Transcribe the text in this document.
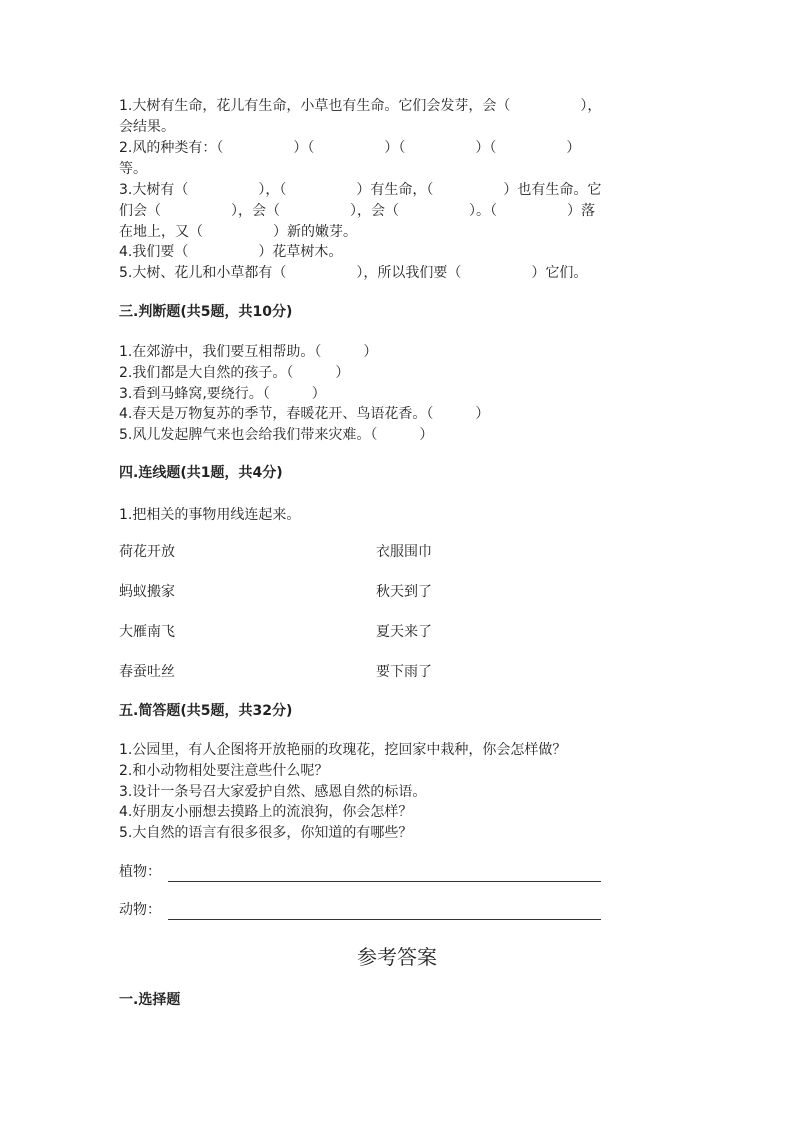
1.大树有生命，花儿有生命，小草也有生命。它们会发芽，会（　　　　　），
会结果。
2.风的种类有：（　　　　　）（　　　　　）（　　　　　）（　　　　　）
等。
3.大树有（　　　　　），（　　　　　）有生命，（　　　　　）也有生命。它
们会（　　　　　），会（　　　　　），会（　　　　　）。（　　　　　）落
在地上，又（　　　　　）新的嫩芽。
4.我们要（　　　　　）花草树木。
5.大树、花儿和小草都有（　　　　　），所以我们要（　　　　　）它们。
三.判断题(共5题，共10分)
1.在郊游中，我们要互相帮助。（　　　）
2.我们都是大自然的孩子。（　　　）
3.看到马蜂窝,要绕行。（　　　）
4.春天是万物复苏的季节，春暖花开、鸟语花香。（　　　）
5.风儿发起脾气来也会给我们带来灾难。（　　　）
四.连线题(共1题，共4分)
1.把相关的事物用线连起来。
荷花开放	衣服围巾
蚂蚁搬家	秋天到了
大雁南飞	夏天来了
春蚕吐丝	要下雨了
五.简答题(共5题，共32分)
1.公园里，有人企图将开放艳丽的玫瑰花，挖回家中栽种，你会怎样做？
2.和小动物相处要注意些什么呢？
3.设计一条号召大家爱护自然、感恩自然的标语。
4.好朋友小丽想去摸路上的流浪狗，你会怎样？
5.大自然的语言有很多很多，你知道的有哪些？
植物：
动物：
参考答案
一.选择题
